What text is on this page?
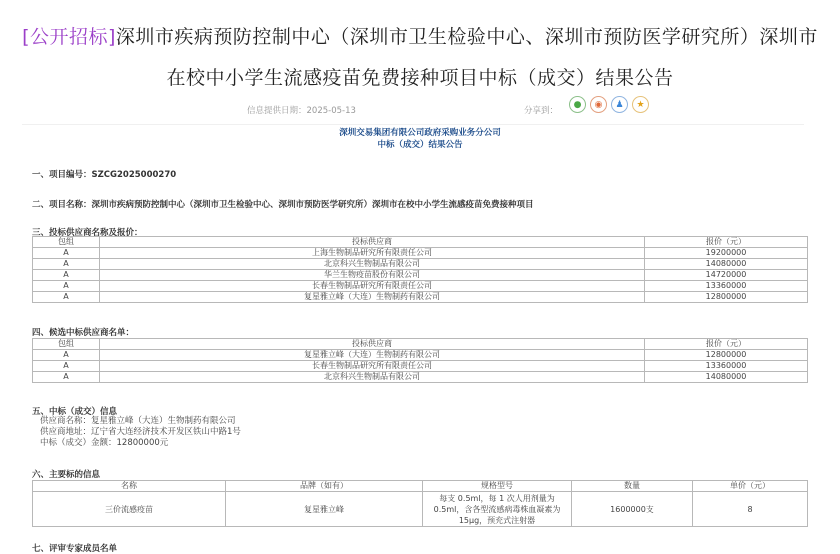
[公开招标]深圳市疾病预防控制中心（深圳市卫生检验中心、深圳市预防医学研究所）深圳市
在校中小学生流感疫苗免费接种项目中标（成交）结果公告
信息提供日期：2025-05-13	分享到：
●	◉	♟	★
深圳交易集团有限公司政府采购业务分公司
中标（成交）结果公告
一、项目编号：SZCG2025000270
二、项目名称：深圳市疾病预防控制中心（深圳市卫生检验中心、深圳市预防医学研究所）深圳市在校中小学生流感疫苗免费接种项目
三、投标供应商名称及报价：
包组	投标供应商	报价（元）
A	上海生物制品研究所有限责任公司	19200000
A	北京科兴生物制品有限公司	14080000
A	华兰生物疫苗股份有限公司	14720000
A	长春生物制品研究所有限责任公司	13360000
A	复星雅立峰（大连）生物制药有限公司	12800000
四、候选中标供应商名单：
包组	投标供应商	报价（元）
A	复星雅立峰（大连）生物制药有限公司	12800000
A	长春生物制品研究所有限责任公司	13360000
A	北京科兴生物制品有限公司	14080000
五、中标（成交）信息
供应商名称：复星雅立峰（大连）生物制药有限公司
供应商地址：辽宁省大连经济技术开发区铁山中路1号
中标（成交）金额：12800000元
六、主要标的信息
名称	品牌（如有）	规格型号	数量	单价（元）
三价流感疫苗	复星雅立峰	每支 0.5ml，每 1 次人用剂量为 0.5ml，含各型流感病毒株血凝素为 15μg，预充式注射器	1600000支	8
七、评审专家成员名单
